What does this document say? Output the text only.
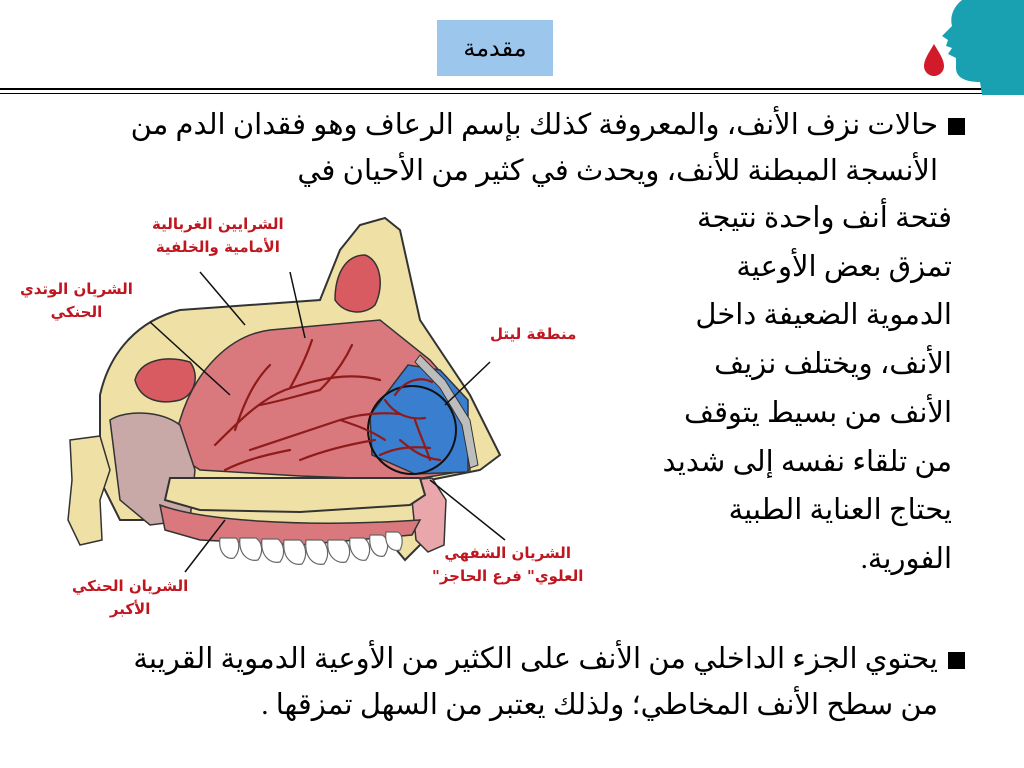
مقدمة
حالات نزف الأنف، والمعروفة كذلك بإسم الرعاف وهو فقدان الدم من
الأنسجة المبطنة للأنف، ويحدث في كثير من الأحيان في
فتحة أنف واحدة نتيجة
تمزق بعض الأوعية
الدموية الضعيفة داخل
الأنف، ويختلف نزيف
الأنف من بسيط يتوقف
من تلقاء نفسه إلى شديد
يحتاج العناية الطبية
الفورية.
يحتوي الجزء الداخلي من الأنف على الكثير من الأوعية الدموية القريبة
من سطح الأنف المخاطي؛ ولذلك يعتبر من السهل تمزقها .
الشرايين الغربالية
الأمامية والخلفية
الشريان الوتدي
الحنكي
منطقة ليتل
الشريان الشفهي
العلوي" فرع الحاجز"
الشريان الحنكي
الأكبر
